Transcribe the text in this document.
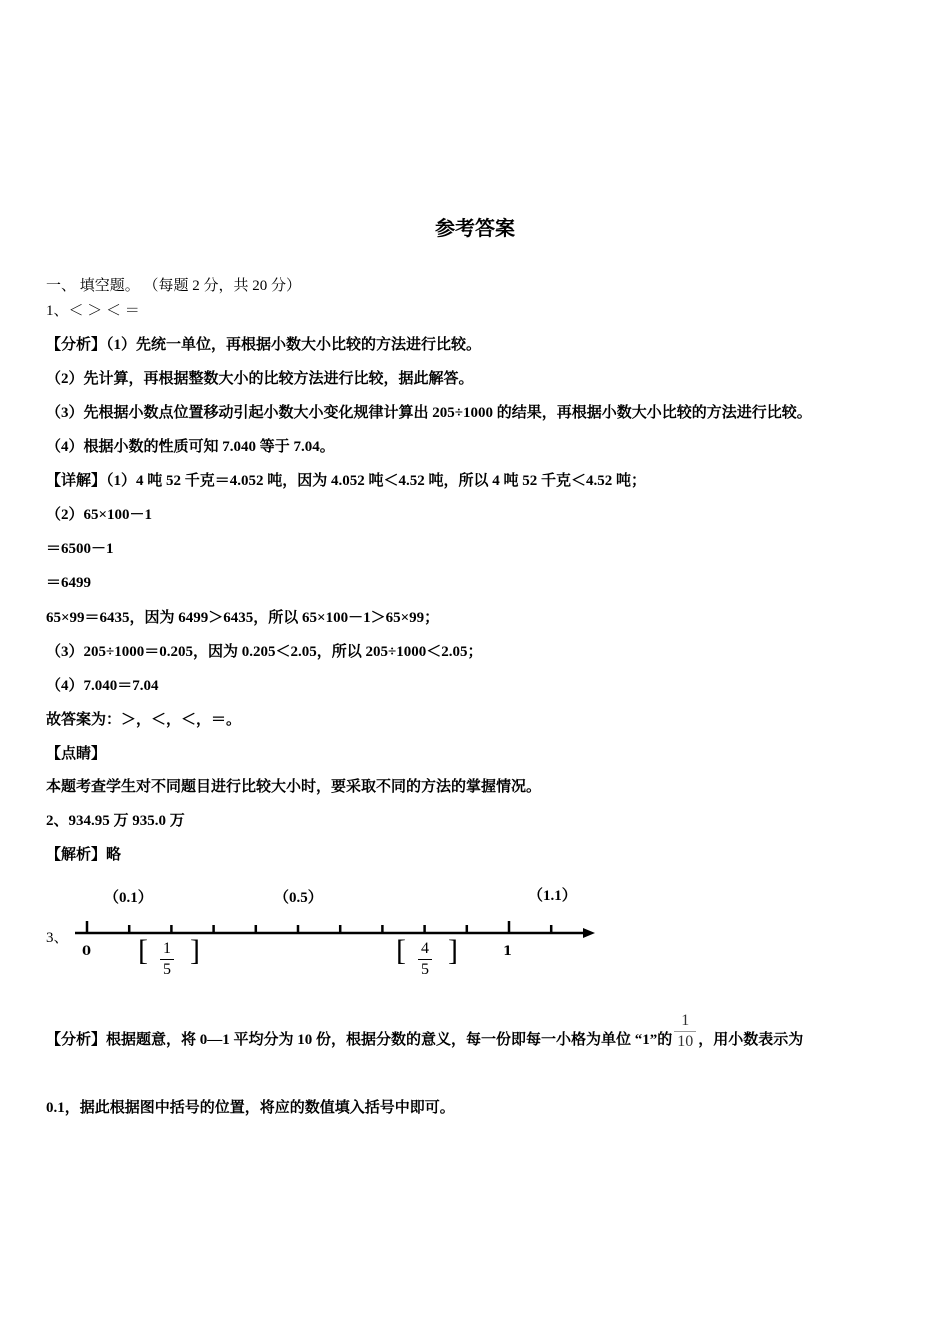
参考答案
一、 填空题。 （每题 2 分，共 20 分）
1、＜ ＞ ＜ ＝
【分析】（1）先统一单位，再根据小数大小比较的方法进行比较。
（2）先计算，再根据整数大小的比较方法进行比较，据此解答。
（3）先根据小数点位置移动引起小数大小变化规律计算出 205÷1000 的结果，再根据小数大小比较的方法进行比较。
（4）根据小数的性质可知 7.040 等于 7.04。
【详解】（1）4 吨 52 千克＝4.052 吨，因为 4.052 吨＜4.52 吨，所以 4 吨 52 千克＜4.52 吨；
（2）65×100－1
＝6500－1
＝6499
65×99＝6435，因为 6499＞6435，所以 65×100－1＞65×99；
（3）205÷1000＝0.205，因为 0.205＜2.05，所以 205÷1000＜2.05；
（4）7.040＝7.04
故答案为：＞，＜，＜，＝。
【点睛】
本题考查学生对不同题目进行比较大小时，要采取不同的方法的掌握情况。
2、934.95 万 935.0 万
【解析】略
3、
0	1
（0.1）	（0.5）	（1.1）
[ ]	[ ]
1
5
4
5
【分析】根据题意，将 0—1 平均分为 10 份，根据分数的意义，每一份即每一小格为单位 “1”的
1
10 ，用小数表示为
0.1，据此根据图中括号的位置，将应的数值填入括号中即可。
